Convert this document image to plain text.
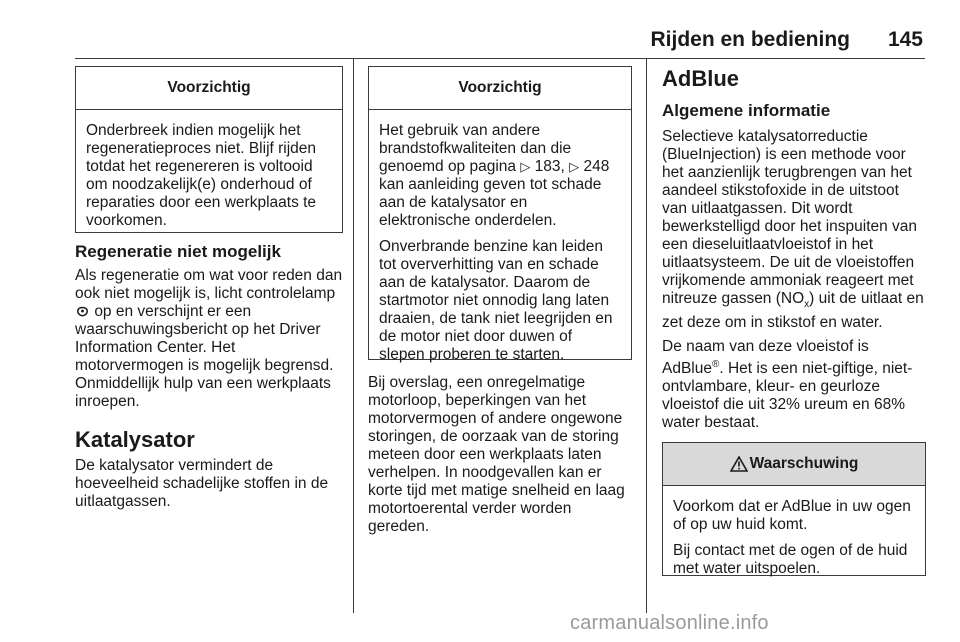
Rijden en bediening 145
Voorzichtig

Onderbreek indien mogelijk het regeneratieproces niet. Blijf rijden totdat het regenereren is voltooid om noodzakelijk(e) onderhoud of reparaties door een werkplaats te voorkomen.

Regeneratie niet mogelijk

Als regeneratie om wat voor reden dan ook niet mogelijk is, licht controlelamp  op en verschijnt er een waarschuwingsbericht op het Driver Information Center. Het motorvermogen is mogelijk begrensd. Onmiddellijk hulp van een werkplaats inroepen.

Katalysator

De katalysator vermindert de hoeveelheid schadelijke stoffen in de uitlaatgassen.

Voorzichtig

Het gebruik van andere brandstofkwaliteiten dan die genoemd op pagina ▷ 183, ▷ 248 kan aanleiding geven tot schade aan de katalysator en elektronische onderdelen.

Onverbrande benzine kan leiden tot oververhitting van en schade aan de katalysator. Daarom de startmotor niet onnodig lang laten draaien, de tank niet leegrijden en de motor niet door duwen of slepen proberen te starten.

Bij overslag, een onregelmatige motorloop, beperkingen van het motorvermogen of andere ongewone storingen, de oorzaak van de storing meteen door een werkplaats laten verhelpen. In noodgevallen kan er korte tijd met matige snelheid en laag motortoerental verder worden gereden.

AdBlue
Algemene informatie

Selectieve katalysatorreductie (BlueInjection) is een methode voor het aanzienlijk terugbrengen van het aandeel stikstofoxide in de uitstoot van uitlaatgassen. Dit wordt bewerkstelligd door het inspuiten van een dieseluitlaatvloeistof in het uitlaatsysteem. De uit de vloeistoffen vrijkomende ammoniak reageert met nitreuze gassen $(NO_x)$ uit de uitlaat en zet deze om in stikstof en water.

De naam van deze vloeistof is AdBlue®. Het is een niet-giftige, niet-ontvlambare, kleur- en geurloze vloeistof die uit 32% ureum en 68% water bestaat.

Waarschuwing

Voorkom dat er AdBlue in uw ogen of op uw huid komt.

Bij contact met de ogen of de huid met water uitspoelen.

carmanualsonline.info
